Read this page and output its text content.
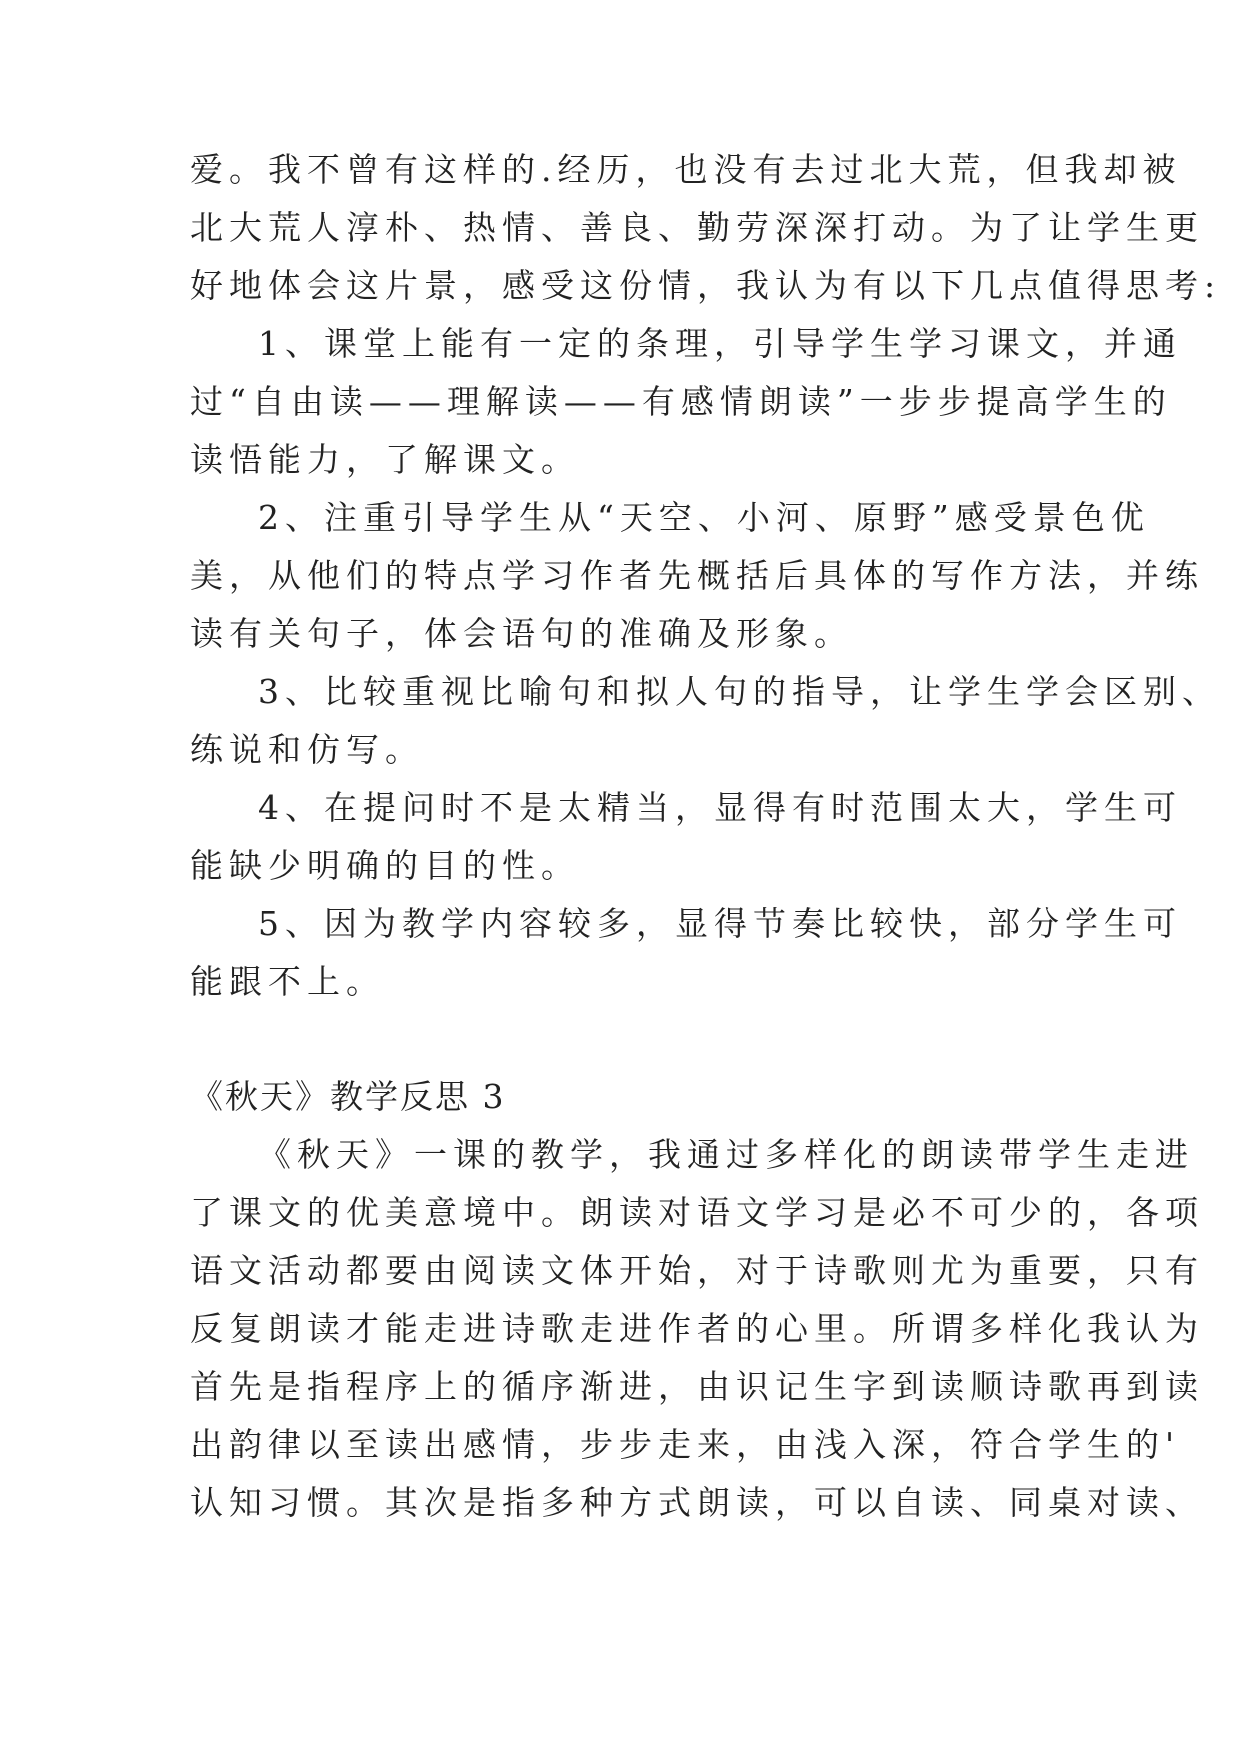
爱。我不曾有这样的.经历，也没有去过北大荒，但我却被
北大荒人淳朴、热情、善良、勤劳深深打动。为了让学生更
好地体会这片景，感受这份情，我认为有以下几点值得思考:
1、课堂上能有一定的条理，引导学生学习课文，并通
过“自由读——理解读——有感情朗读”一步步提高学生的
读悟能力，了解课文。
2、注重引导学生从“天空、小河、原野”感受景色优
美，从他们的特点学习作者先概括后具体的写作方法，并练
读有关句子，体会语句的准确及形象。
3、比较重视比喻句和拟人句的指导，让学生学会区别、
练说和仿写。
4、在提问时不是太精当，显得有时范围太大，学生可
能缺少明确的目的性。
5、因为教学内容较多，显得节奏比较快，部分学生可
能跟不上。
《秋天》教学反思 3
《秋天》一课的教学，我通过多样化的朗读带学生走进
了课文的优美意境中。朗读对语文学习是必不可少的，各项
语文活动都要由阅读文体开始，对于诗歌则尤为重要，只有
反复朗读才能走进诗歌走进作者的心里。所谓多样化我认为
首先是指程序上的循序渐进，由识记生字到读顺诗歌再到读
出韵律以至读出感情，步步走来，由浅入深，符合学生的'
认知习惯。其次是指多种方式朗读，可以自读、同桌对读、
